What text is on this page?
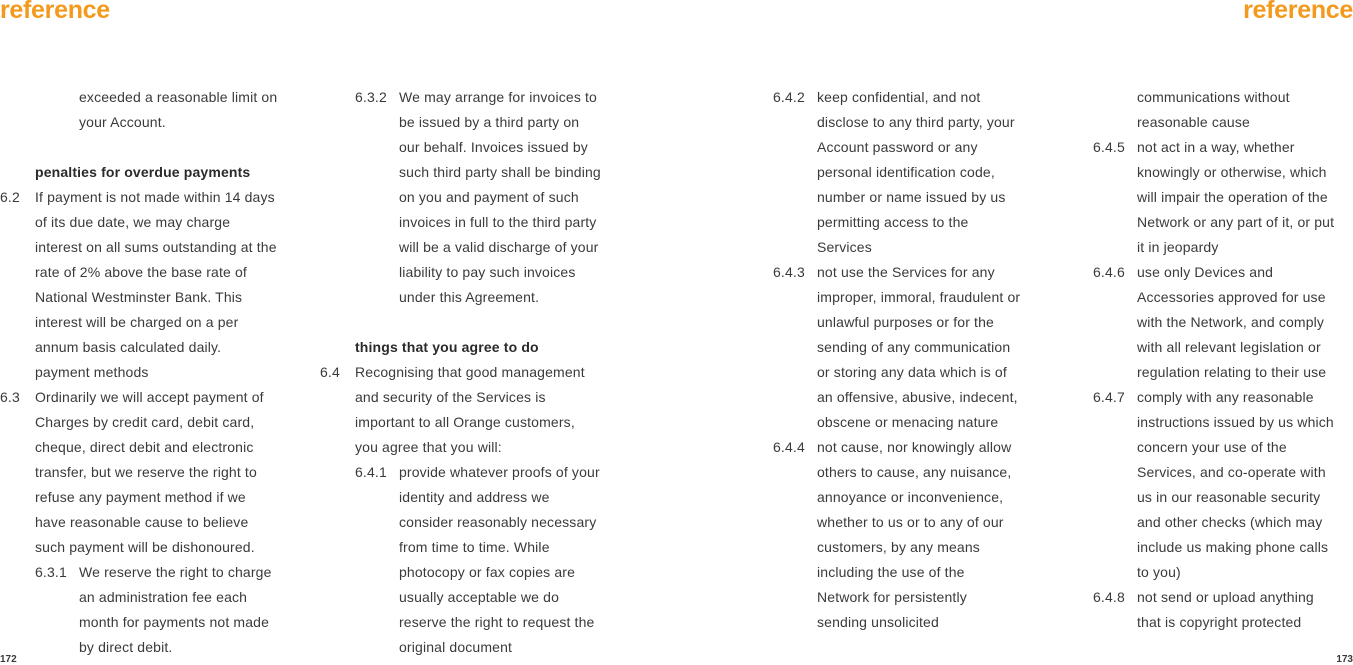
reference	reference
exceeded a reasonable limit on
your Account.
penalties for overdue payments
6.2 If payment is not made within 14 days
of its due date, we may charge
interest on all sums outstanding at the
rate of 2% above the base rate of
National Westminster Bank. This
interest will be charged on a per
annum basis calculated daily.
payment methods
6.3 Ordinarily we will accept payment of
Charges by credit card, debit card,
cheque, direct debit and electronic
transfer, but we reserve the right to
refuse any payment method if we
have reasonable cause to believe
such payment will be dishonoured.
6.3.1 We reserve the right to charge
an administration fee each
month for payments not made
by direct debit.
6.3.2 We may arrange for invoices to
be issued by a third party on
our behalf. Invoices issued by
such third party shall be binding
on you and payment of such
invoices in full to the third party
will be a valid discharge of your
liability to pay such invoices
under this Agreement.
things that you agree to do
6.4 Recognising that good management
and security of the Services is
important to all Orange customers,
you agree that you will:
6.4.1 provide whatever proofs of your
identity and address we
consider reasonably necessary
from time to time. While
photocopy or fax copies are
usually acceptable we do
reserve the right to request the
original document
6.4.2 keep confidential, and not
disclose to any third party, your
Account password or any
personal identification code,
number or name issued by us
permitting access to the
Services
6.4.3 not use the Services for any
improper, immoral, fraudulent or
unlawful purposes or for the
sending of any communication
or storing any data which is of
an offensive, abusive, indecent,
obscene or menacing nature
6.4.4 not cause, nor knowingly allow
others to cause, any nuisance,
annoyance or inconvenience,
whether to us or to any of our
customers, by any means
including the use of the
Network for persistently
sending unsolicited
communications without
reasonable cause
6.4.5 not act in a way, whether
knowingly or otherwise, which
will impair the operation of the
Network or any part of it, or put
it in jeopardy
6.4.6 use only Devices and
Accessories approved for use
with the Network, and comply
with all relevant legislation or
regulation relating to their use
6.4.7 comply with any reasonable
instructions issued by us which
concern your use of the
Services, and co-operate with
us in our reasonable security
and other checks (which may
include us making phone calls
to you)
6.4.8 not send or upload anything
that is copyright protected
172	173
